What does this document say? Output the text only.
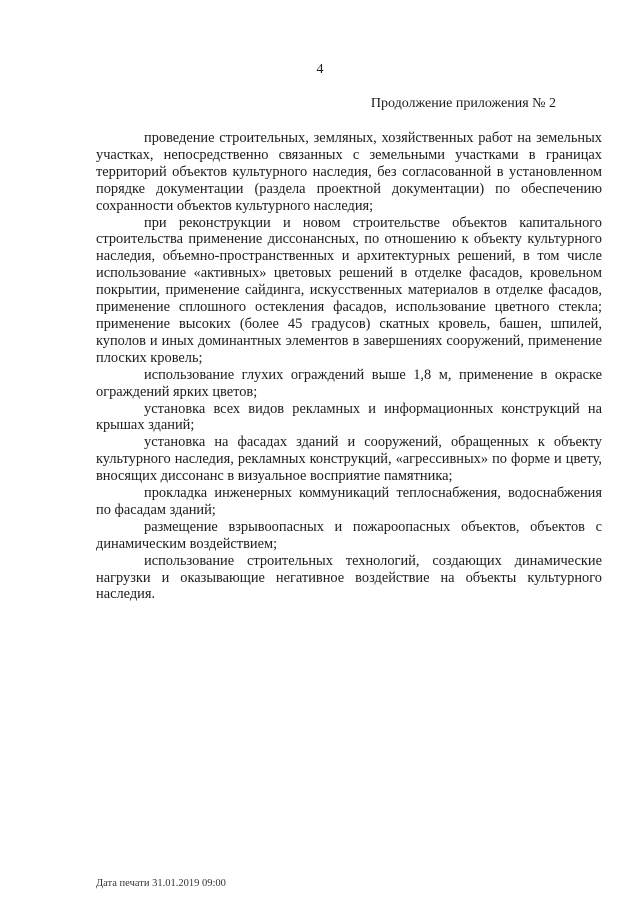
4
Продолжение приложения № 2

проведение строительных, земляных, хозяйственных работ на земельных участках, непосредственно связанных с земельными участками в границах территорий объектов культурного наследия, без согласованной в установленном порядке документации (раздела проектной документации) по обеспечению сохранности объектов культурного наследия;

при реконструкции и новом строительстве объектов капитального строительства применение диссонансных, по отношению к объекту культурного наследия, объемно-пространственных и архитектурных решений, в том числе использование «активных» цветовых решений в отделке фасадов, кровельном покрытии, применение сайдинга, искусственных материалов в отделке фасадов, применение сплошного остекления фасадов, использование цветного стекла; применение высоких (более 45 градусов) скатных кровель, башен, шпилей, куполов и иных доминантных элементов в завершениях сооружений, применение плоских кровель;

использование глухих ограждений выше 1,8 м, применение в окраске ограждений ярких цветов;

установка всех видов рекламных и информационных конструкций на крышах зданий;

установка на фасадах зданий и сооружений, обращенных к объекту культурного наследия, рекламных конструкций, «агрессивных» по форме и цвету, вносящих диссонанс в визуальное восприятие памятника;

прокладка инженерных коммуникаций теплоснабжения, водоснабжения по фасадам зданий;

размещение взрывоопасных и пожароопасных объектов, объектов с динамическим воздействием;

использование строительных технологий, создающих динамические нагрузки и оказывающие негативное воздействие на объекты культурного наследия.

Дата печати 31.01.2019 09:00
